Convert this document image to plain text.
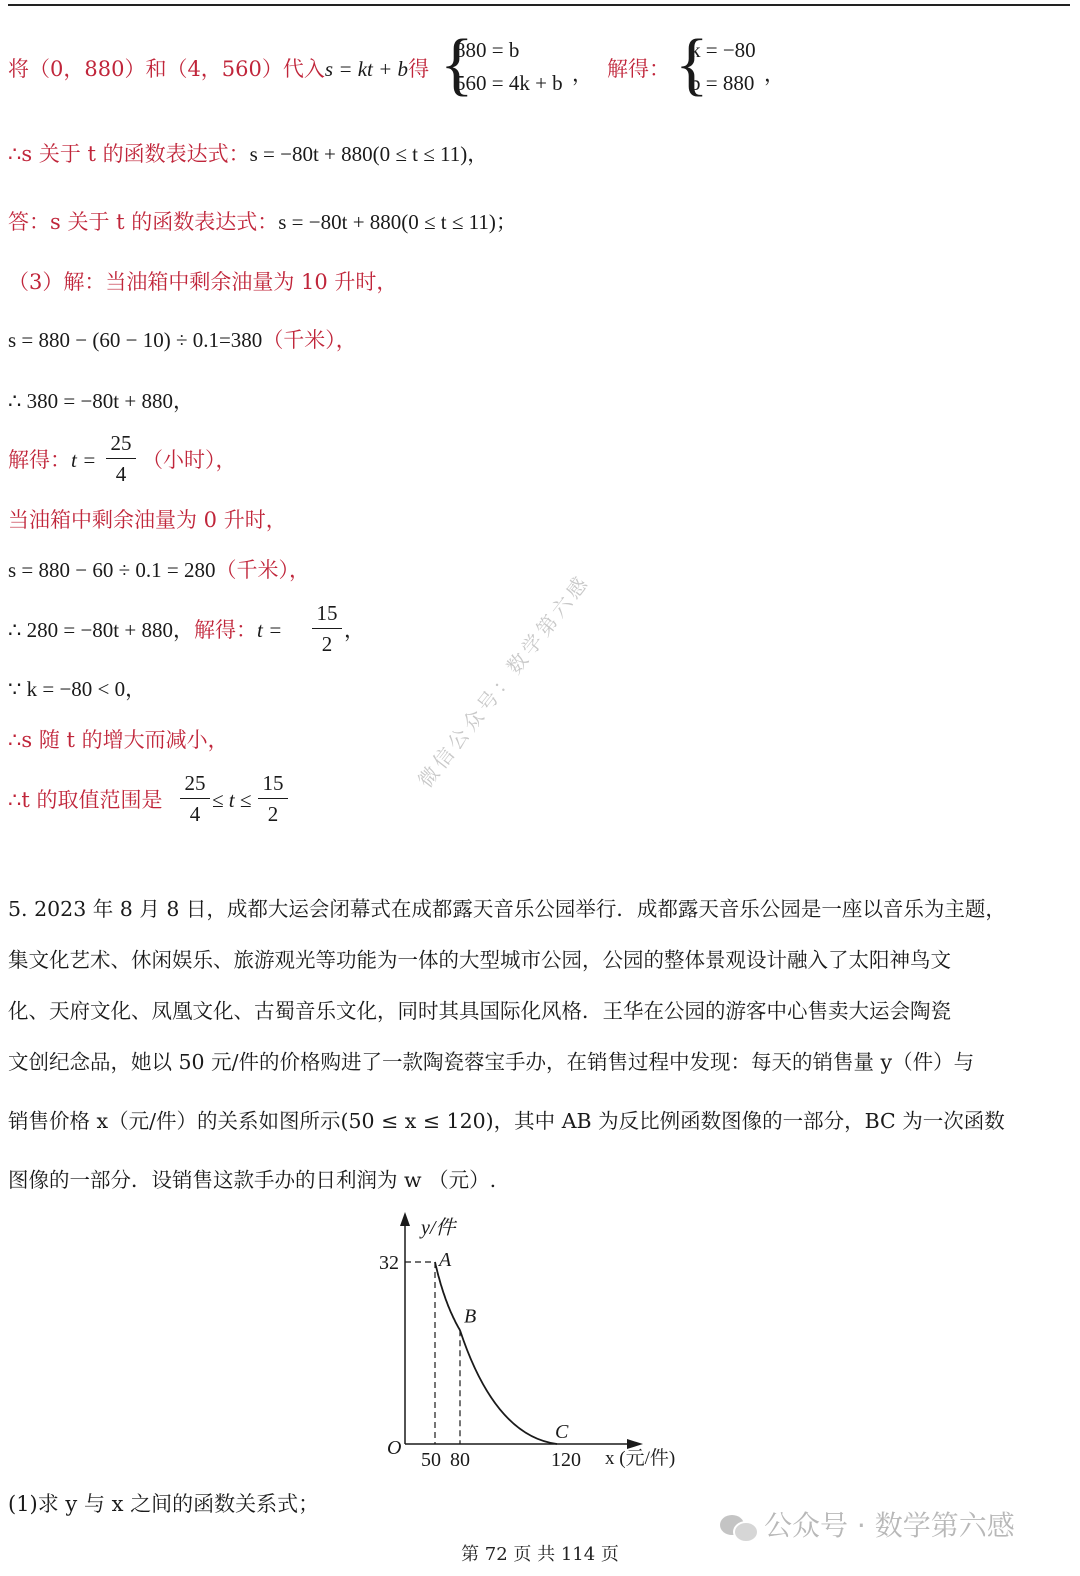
将（0，880）和（4，560）代入s = kt + b得 {
880 = b
560 = 4k + b ， 解得： {
k = −80
b = 880 ，
∴s 关于 t 的函数表达式：s = −80t + 880(0 ≤ t ≤ 11)，
答：s 关于 t 的函数表达式：s = −80t + 880(0 ≤ t ≤ 11)；
（3）解：当油箱中剩余油量为 10 升时，
s = 880 − (60 − 10) ÷ 0.1=380（千米），
∴ 380 = −80t + 880，
解得：t =
25
4
（小时），
当油箱中剩余油量为 0 升时，
s = 880 − 60 ÷ 0.1 = 280（千米），
∴ 280 = −80t + 880，解得：t =
15
2
，
∵ k = −80 < 0，
∴s 随 t 的增大而减小，
∴t 的取值范围是
25
4
≤ t ≤
15
2
微信公众号：数学第六感
5. 2023 年 8 月 8 日，成都大运会闭幕式在成都露天音乐公园举行．成都露天音乐公园是一座以音乐为主题，
集文化艺术、休闲娱乐、旅游观光等功能为一体的大型城市公园，公园的整体景观设计融入了太阳神鸟文
化、天府文化、凤凰文化、古蜀音乐文化，同时其具国际化风格．王华在公园的游客中心售卖大运会陶瓷
文创纪念品，她以 50 元/件的价格购进了一款陶瓷蓉宝手办，在销售过程中发现：每天的销售量 y（件）与
销售价格 x（元/件）的关系如图所示(50 ≤ x ≤ 120)，其中 AB 为反比例函数图像的一部分，BC 为一次函数
图像的一部分．设销售这款手办的日利润为 w （元）.
y/件
x (元/件)
O
32
50 80	120
A
B
C
(1)求 y 与 x 之间的函数关系式；
公众号 · 数学第六感
第 72 页 共 114 页
